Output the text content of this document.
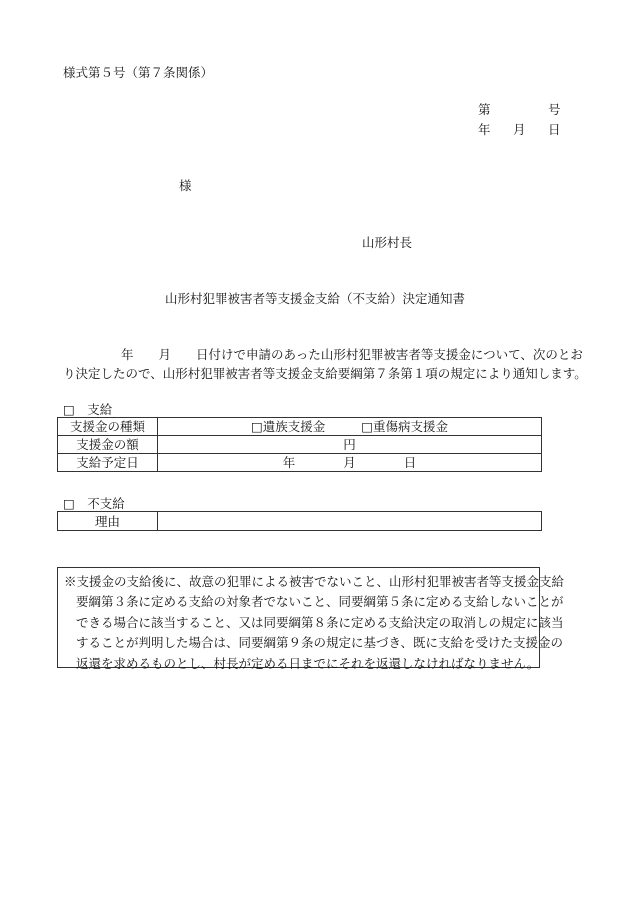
様式第５号（第７条関係）
第	号
年 月 日
様
山形村長
山形村犯罪被害者等支援金支給（不支給）決定通知書
年　　月　　日付けで申請のあった山形村犯罪被害者等支援金について、次のとお
り決定したので、山形村犯罪被害者等支援金支給要綱第７条第１項の規定により通知します。
□　支給
支援金の種類	□遺族支援金 □重傷病支援金
支援金の額	円
支給予定日	年 月 日
□　不支給
理由	
※支援金の支給後に、故意の犯罪による被害でないこと、山形村犯罪被害者等支援金支給
要綱第３条に定める支給の対象者でないこと、同要綱第５条に定める支給しないことが
できる場合に該当すること、又は同要綱第８条に定める支給決定の取消しの規定に該当
することが判明した場合は、同要綱第９条の規定に基づき、既に支給を受けた支援金の
返還を求めるものとし、村長が定める日までにそれを返還しなければなりません。
